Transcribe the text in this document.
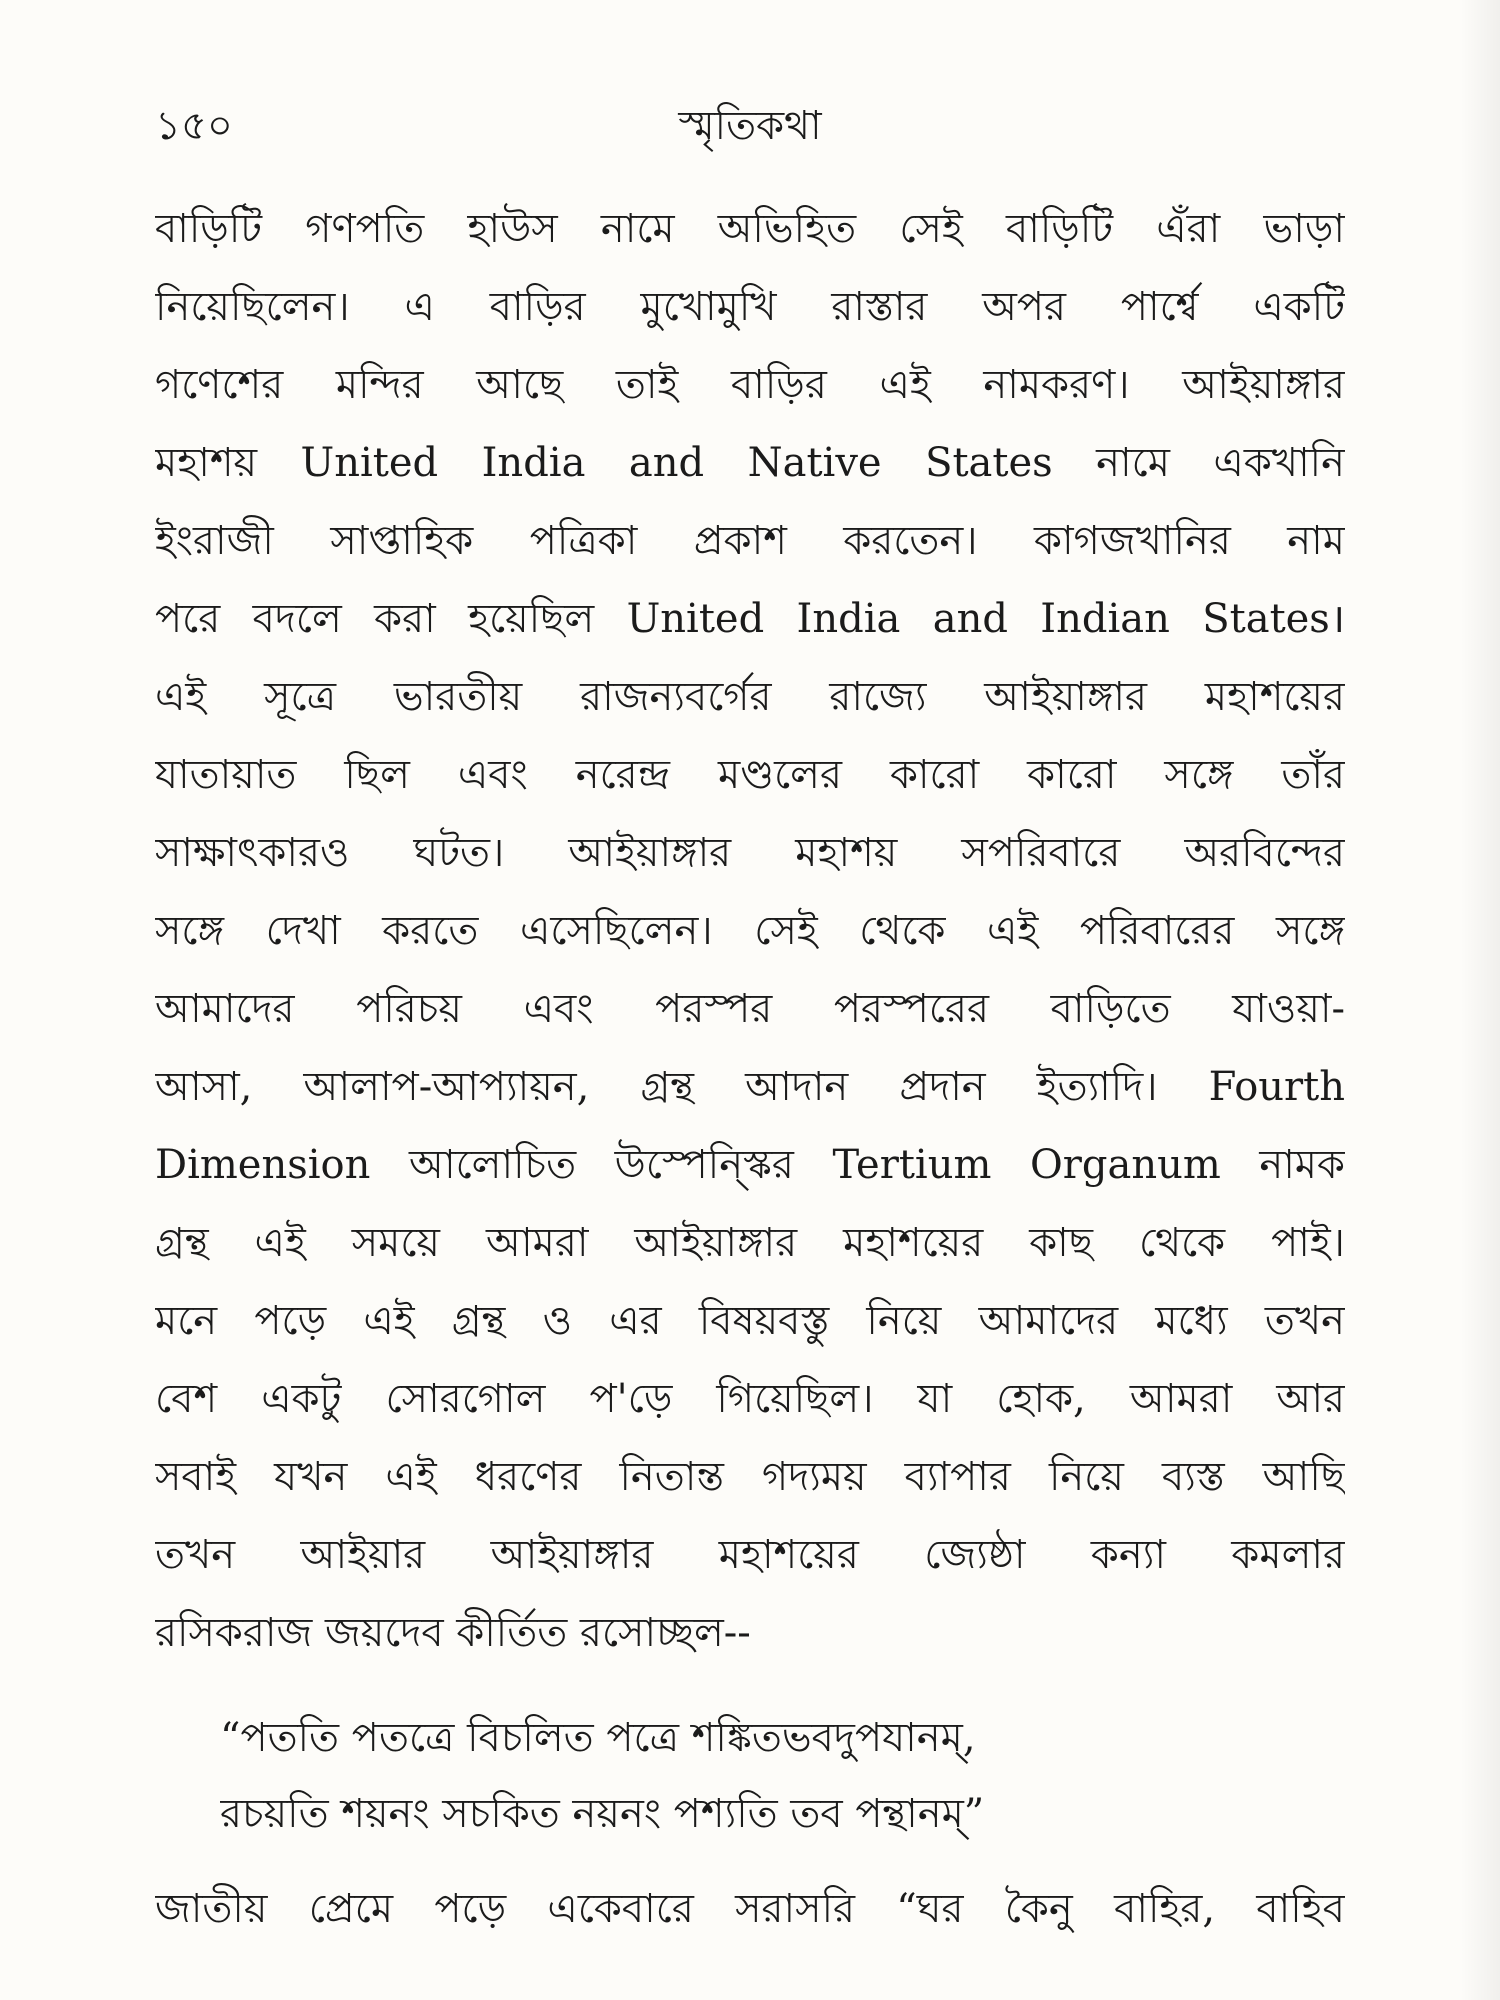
স্মৃতিকথা
১৫০
বাড়িটি গণপতি হাউস নামে অভিহিত সেই বাড়িটি এঁরা ভাড়া
নিয়েছিলেন। এ বাড়ির মুখোমুখি রাস্তার অপর পার্শ্বে একটি
গণেশের মন্দির আছে তাই বাড়ির এই নামকরণ। আইয়াঙ্গার
মহাশয় United India and Native States নামে একখানি
ইংরাজী সাপ্তাহিক পত্রিকা প্রকাশ করতেন। কাগজখানির নাম
পরে বদলে করা হয়েছিল United India and Indian States।
এই সূত্রে ভারতীয় রাজন্যবর্গের রাজ্যে আইয়াঙ্গার মহাশয়ের
যাতায়াত ছিল এবং নরেন্দ্র মণ্ডলের কারো কারো সঙ্গে তাঁর
সাক্ষাৎকারও ঘটত। আইয়াঙ্গার মহাশয় সপরিবারে অরবিন্দের
সঙ্গে দেখা করতে এসেছিলেন। সেই থেকে এই পরিবারের সঙ্গে
আমাদের পরিচয় এবং পরস্পর পরস্পরের বাড়িতে যাওয়া-
আসা, আলাপ-আপ্যায়ন, গ্রন্থ আদান প্রদান ইত্যাদি। Fourth
Dimension আলোচিত উস্পেন্স্কির Tertium Organum নামক
গ্রন্থ এই সময়ে আমরা আইয়াঙ্গার মহাশয়ের কাছ থেকে পাই।
মনে পড়ে এই গ্রন্থ ও এর বিষয়বস্তু নিয়ে আমাদের মধ্যে তখন
বেশ একটু সোরগোল প'ড়ে গিয়েছিল। যা হোক, আমরা আর
সবাই যখন এই ধরণের নিতান্ত গদ্যময় ব্যাপার নিয়ে ব্যস্ত আছি
তখন আইয়ার আইয়াঙ্গার মহাশয়ের জ্যেষ্ঠা কন্যা কমলার
রসিকরাজ জয়দেব কীর্তিত রসোচ্ছল--
“পততি পতত্রে বিচলিত পত্রে শঙ্কিতভবদুপযানম্,
রচয়তি শয়নং সচকিত নয়নং পশ্যতি তব পন্থানম্”
জাতীয় প্রেমে পড়ে একেবারে সরাসরি “ঘর কৈনু বাহির, বাহিব
